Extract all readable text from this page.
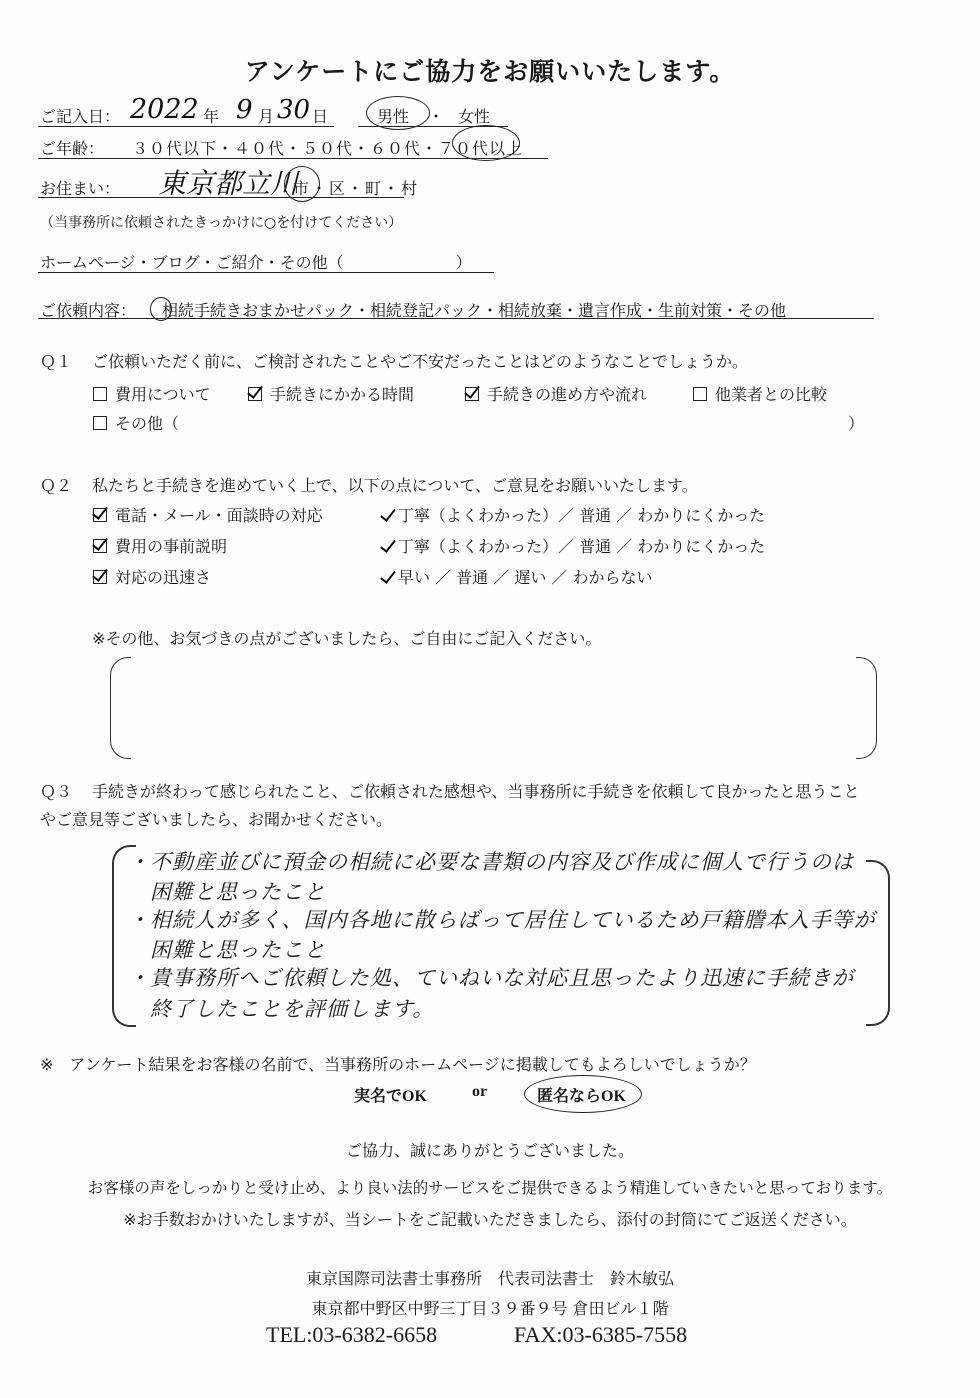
アンケートにご協力をお願いいたします。
ご記入日： 2022 年 9 月 30 日	男性 ・ 女性
ご年齢： ３０代以下・４０代・５０代・６０代・７０代以上
お住まい： 東京都立川
市・区・町・村
（当事務所に依頼されたきっかけに○を付けてください）
ホームページ・ブログ・ご紹介・その他（　　　　　　　）
ご依頼内容： 相続手続きおまかせパック・相続登記パック・相続放棄・遺言作成・生前対策・その他
Ｑ１ ご依頼いただく前に、ご検討されたことやご不安だったことはどのようなことでしょうか。
費用について	手続きにかかる時間	手続きの進め方や流れ	他業者との比較
その他（	）
Ｑ２ 私たちと手続きを進めていく上で、以下の点について、ご意見をお願いいたします。
電話・メール・面談時の対応	丁寧（よくわかった）／ 普通 ／ わかりにくかった
費用の事前説明	丁寧（よくわかった）／ 普通 ／ わかりにくかった
対応の迅速さ	早い ／ 普通 ／ 遅い ／ わからない
※その他、お気づきの点がございましたら、ご自由にご記入ください。
Ｑ３ 手続きが終わって感じられたこと、ご依頼された感想や、当事務所に手続きを依頼して良かったと思うこと
やご意見等ございましたら、お聞かせください。
・不動産並びに預金の相続に必要な書類の内容及び作成に個人で行うのは
　困難と思ったこと
・相続人が多く、国内各地に散らばって居住しているため戸籍謄本入手等が
　困難と思ったこと
・貴事務所へご依頼した処、ていねいな対応且思ったより迅速に手続きが
　終了したことを評価します。
※　アンケート結果をお客様の名前で、当事務所のホームページに掲載してもよろしいでしょうか？
実名でOK	or	匿名ならOK
ご協力、誠にありがとうございました。
お客様の声をしっかりと受け止め、より良い法的サービスをご提供できるよう精進していきたいと思っております。
※お手数おかけいたしますが、当シートをご記載いただきましたら、添付の封筒にてご返送ください。
東京国際司法書士事務所　代表司法書士　鈴木敏弘
東京都中野区中野三丁目３９番９号 倉田ビル１階
TEL:03-6382-6658	FAX:03-6385-7558
